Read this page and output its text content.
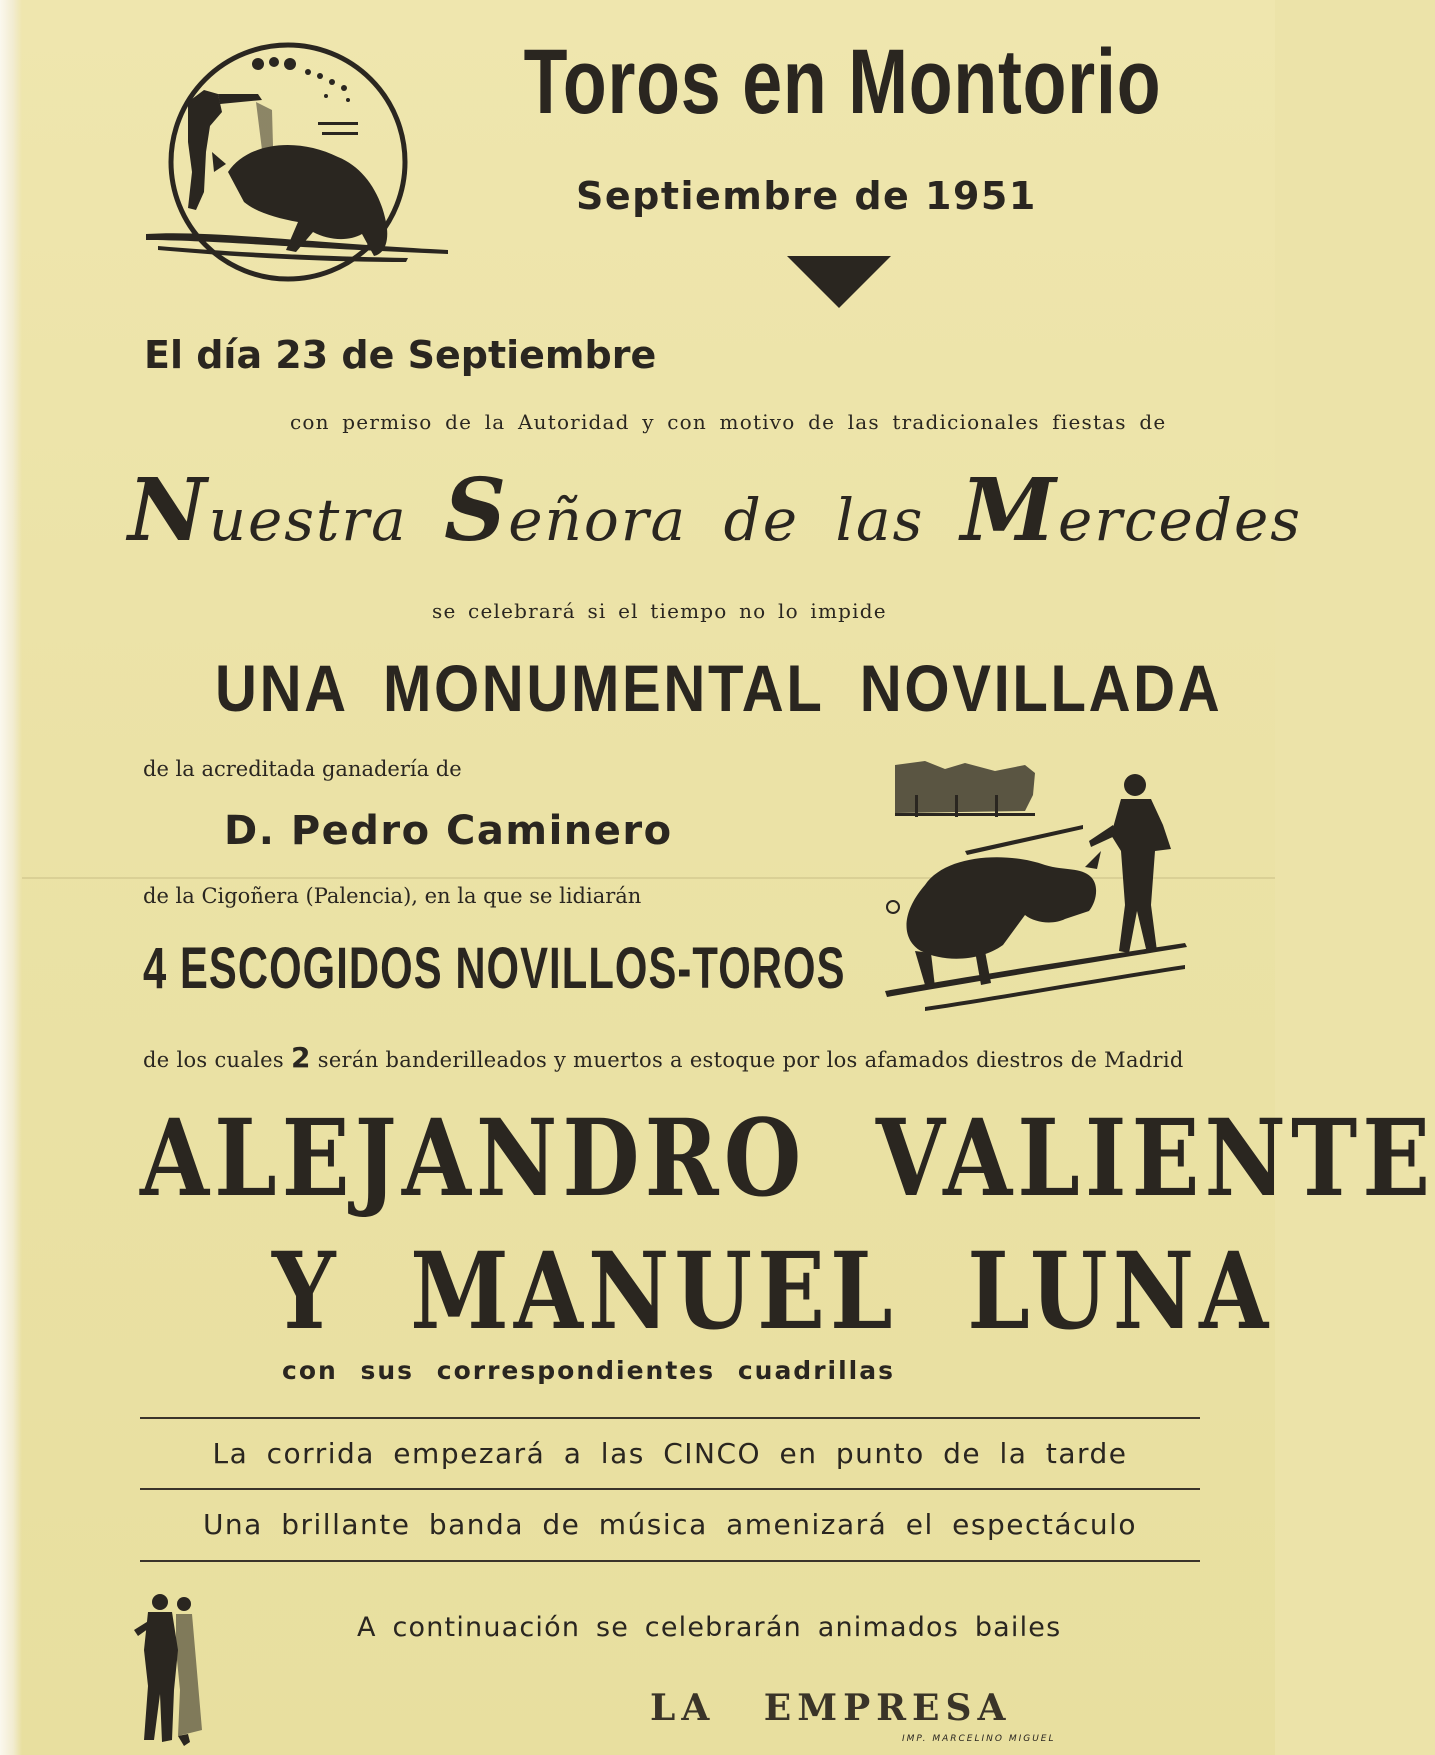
Toros en Montorio
Septiembre de 1951
El día 23 de Septiembre
con permiso de la Autoridad y con motivo de las tradicionales fiestas de
Nuestra Señora de las Mercedes
se celebrará si el tiempo no lo impide
UNA MONUMENTAL NOVILLADA
de la acreditada ganadería de
D. Pedro Caminero
de la Cigoñera (Palencia), en la que se lidiarán
4 ESCOGIDOS NOVILLOS-TOROS
de los cuales 2 serán banderilleados y muertos a estoque por los afamados diestros de Madrid
ALEJANDRO VALIENTE
Y MANUEL LUNA
con sus correspondientes cuadrillas
La corrida empezará a las CINCO en punto de la tarde
Una brillante banda de música amenizará el espectáculo
A continuación se celebrarán animados bailes
LA EMPRESA
IMP. MARCELINO MIGUEL
